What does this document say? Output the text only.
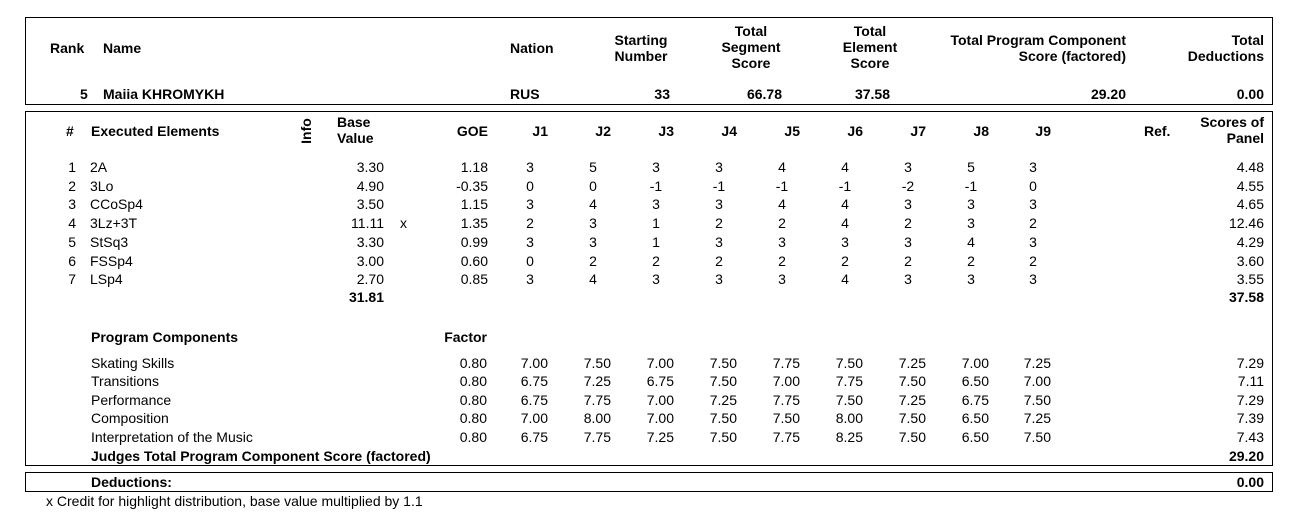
Rank Name	Nation	Starting
Number
Total
Segment
Score
Total
Element
Score
Total Program Component
Score (factored)
Total
Deductions
5 Maiia KHROMYKH	RUS	33	66.78	37.58	29.20	0.00
# Executed Elements	Info Base
Value	GOE	J1	J2	J3	J4	J5	J6	J7	J8	J9	Ref.
Scores of
Panel
1 2A	3.30	1.18	3	5	3	3	4	4	3	5	3	4.48
2 3Lo	4.90	-0.35	0	0	-1	-1	-1	-1	-2	-1	0	4.55
3 CCoSp4	3.50	1.15	3	4	3	3	4	4	3	3	3	4.65
4 3Lz+3T	11.11 x	1.35	2	3	1	2	2	4	2	3	2	12.46
5 StSq3	3.30	0.99	3	3	1	3	3	3	3	4	3	4.29
6 FSSp4	3.00	0.60	0	2	2	2	2	2	2	2	2	3.60
7 LSp4	2.70	0.85	3	4	3	3	3	4	3	3	3	3.55
31.81	37.58
Program Components	Factor
Skating Skills	0.80	7.00	7.50	7.00	7.50	7.75	7.50	7.25	7.00	7.25	7.29
Transitions	0.80	6.75	7.25	6.75	7.50	7.00	7.75	7.50	6.50	7.00	7.11
Performance	0.80	6.75	7.75	7.00	7.25	7.75	7.50	7.25	6.75	7.50	7.29
Composition	0.80	7.00	8.00	7.00	7.50	7.50	8.00	7.50	6.50	7.25	7.39
Interpretation of the Music	0.80	6.75	7.75	7.25	7.50	7.75	8.25	7.50	6.50	7.50	7.43
Judges Total Program Component Score (factored)	29.20
Deductions:	0.00
x Credit for highlight distribution, base value multiplied by 1.1
